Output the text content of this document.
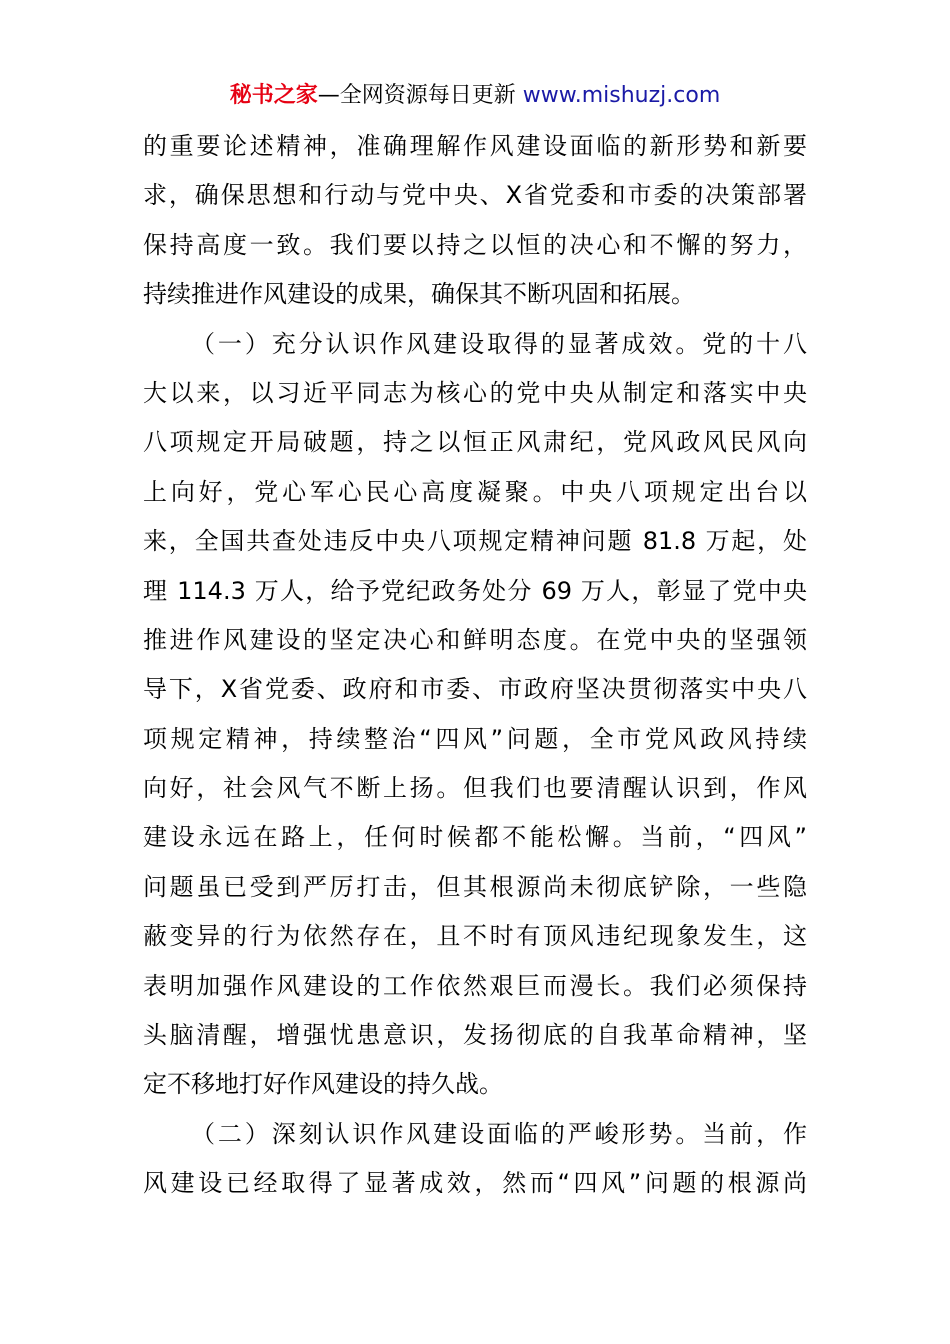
秘书之家—全网资源每日更新 www.mishuzj.com
的重要论述精神，准确理解作风建设面临的新形势和新要
求，确保思想和行动与党中央、X省党委和市委的决策部署
保持高度一致。我们要以持之以恒的决心和不懈的努力，
持续推进作风建设的成果，确保其不断巩固和拓展。
（一）充分认识作风建设取得的显著成效。党的十八
大以来，以习近平同志为核心的党中央从制定和落实中央
八项规定开局破题，持之以恒正风肃纪，党风政风民风向
上向好，党心军心民心高度凝聚。中央八项规定出台以
来，全国共查处违反中央八项规定精神问题 81.8 万起，处
理 114.3 万人，给予党纪政务处分 69 万人，彰显了党中央
推进作风建设的坚定决心和鲜明态度。在党中央的坚强领
导下，X省党委、政府和市委、市政府坚决贯彻落实中央八
项规定精神，持续整治“四风”问题，全市党风政风持续
向好，社会风气不断上扬。但我们也要清醒认识到，作风
建设永远在路上，任何时候都不能松懈。当前，“四风”
问题虽已受到严厉打击，但其根源尚未彻底铲除，一些隐
蔽变异的行为依然存在，且不时有顶风违纪现象发生，这
表明加强作风建设的工作依然艰巨而漫长。我们必须保持
头脑清醒，增强忧患意识，发扬彻底的自我革命精神，坚
定不移地打好作风建设的持久战。
（二）深刻认识作风建设面临的严峻形势。当前，作
风建设已经取得了显著成效，然而“四风”问题的根源尚
